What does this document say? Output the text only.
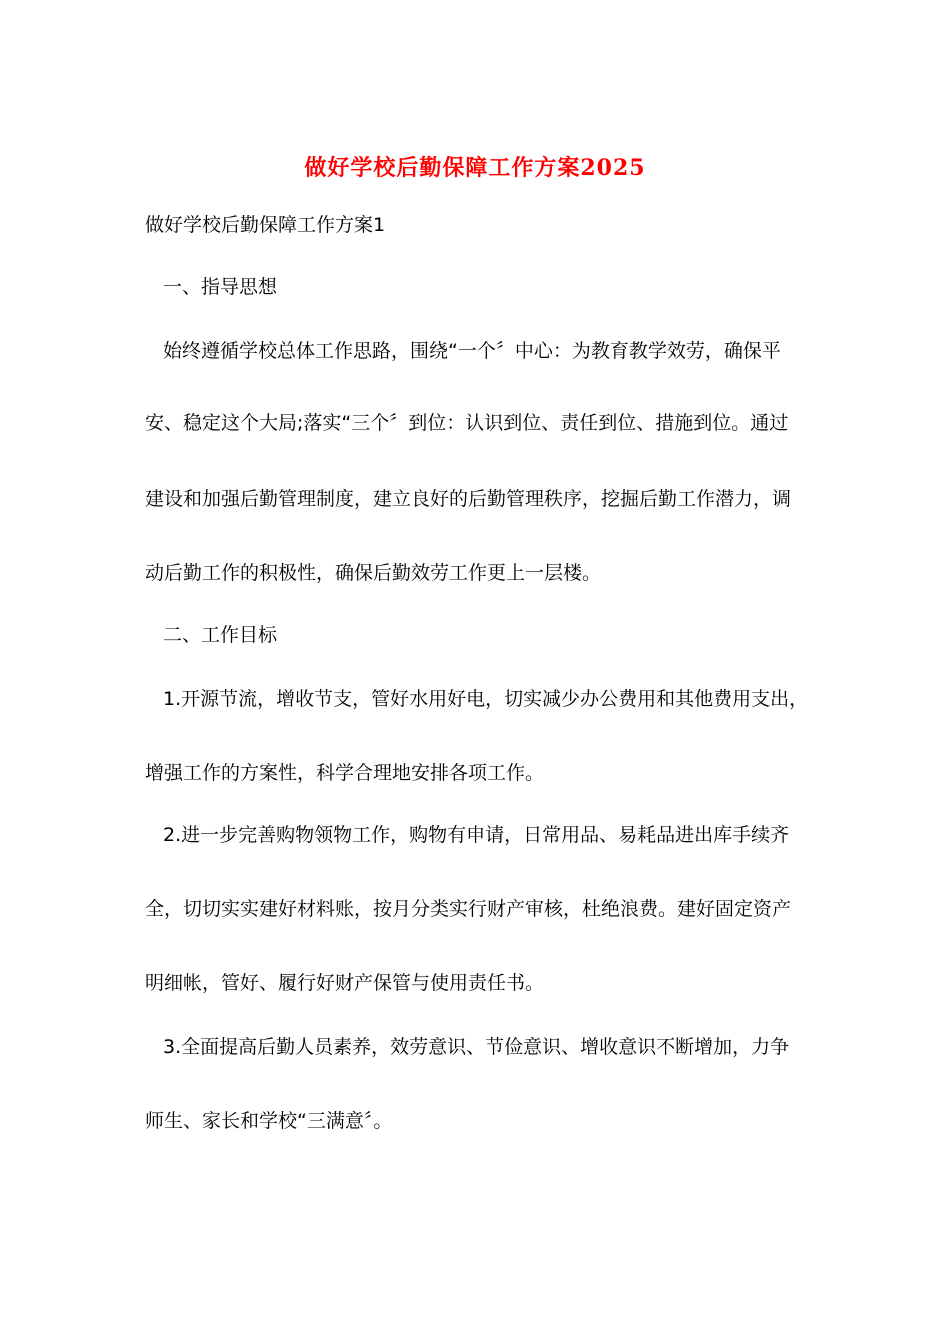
做好学校后勤保障工作方案2025
做好学校后勤保障工作方案1
一、指导思想
始终遵循学校总体工作思路，围绕“一个〞中心：为教育教学效劳，确保平
安、稳定这个大局;落实“三个〞到位：认识到位、责任到位、措施到位。通过
建设和加强后勤管理制度，建立良好的后勤管理秩序，挖掘后勤工作潜力，调
动后勤工作的积极性，确保后勤效劳工作更上一层楼。
二、工作目标
1.开源节流，增收节支，管好水用好电，切实减少办公费用和其他费用支出，
增强工作的方案性，科学合理地安排各项工作。
2.进一步完善购物领物工作，购物有申请，日常用品、易耗品进出库手续齐
全，切切实实建好材料账，按月分类实行财产审核，杜绝浪费。建好固定资产
明细帐，管好、履行好财产保管与使用责任书。
3.全面提高后勤人员素养，效劳意识、节俭意识、增收意识不断增加，力争
师生、家长和学校“三满意〞。
